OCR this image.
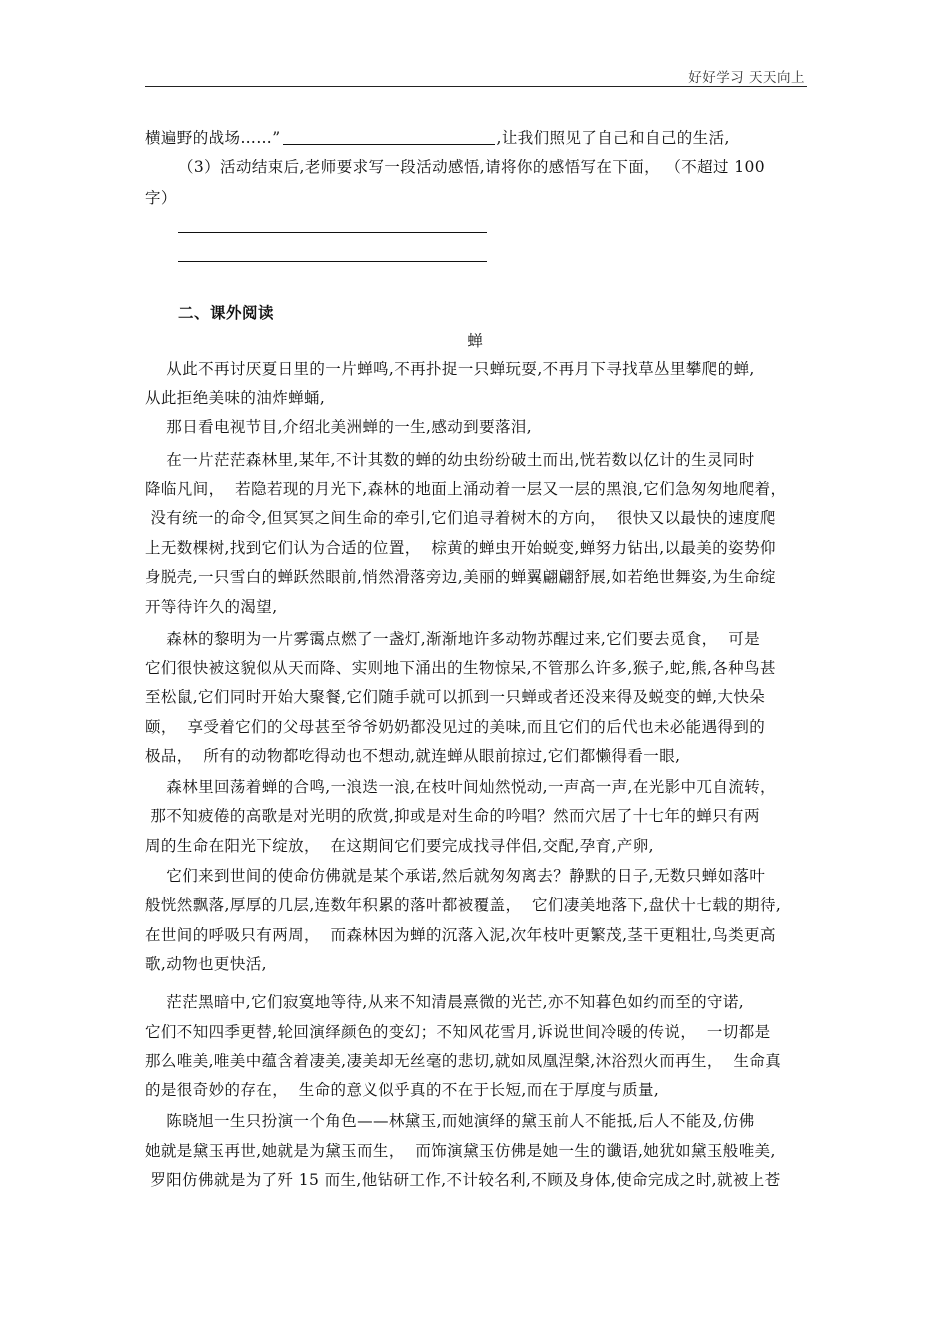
好好学习 天天向上
横遍野的战场……”	,让我们照见了自己和自己的生活,
（3）活动结束后,老师要求写一段活动感悟,请将你的感悟写在下面， （不超过 100
字）
二、课外阅读
蝉
从此不再讨厌夏日里的一片蝉鸣,不再扑捉一只蝉玩耍,不再月下寻找草丛里攀爬的蝉,
从此拒绝美味的油炸蝉蛹,
那日看电视节目,介绍北美洲蝉的一生,感动到要落泪,
在一片茫茫森林里,某年,不计其数的蝉的幼虫纷纷破土而出,恍若数以亿计的生灵同时
降临凡间，  若隐若现的月光下,森林的地面上涌动着一层又一层的黑浪,它们急匆匆地爬着，
没有统一的命令,但冥冥之间生命的牵引,它们追寻着树木的方向，  很快又以最快的速度爬
上无数棵树,找到它们认为合适的位置，  棕黄的蝉虫开始蜕变,蝉努力钻出,以最美的姿势仰
身脱壳,一只雪白的蝉跃然眼前,悄然滑落旁边,美丽的蝉翼翩翩舒展,如若绝世舞姿,为生命绽
开等待许久的渴望,
森林的黎明为一片雾霭点燃了一盏灯,渐渐地许多动物苏醒过来,它们要去觅食，  可是
它们很快被这貌似从天而降、实则地下涌出的生物惊呆,不管那么许多,猴子,蛇,熊,各种鸟甚
至松鼠,它们同时开始大聚餐,它们随手就可以抓到一只蝉或者还没来得及蜕变的蝉,大快朵
颐，  享受着它们的父母甚至爷爷奶奶都没见过的美味,而且它们的后代也未必能遇得到的
极品，  所有的动物都吃得动也不想动,就连蝉从眼前掠过,它们都懒得看一眼,
森林里回荡着蝉的合鸣,一浪迭一浪,在枝叶间灿然悦动,一声高一声,在光影中兀自流转，
那不知疲倦的高歌是对光明的欣赏,抑或是对生命的吟唱？然而穴居了十七年的蝉只有两
周的生命在阳光下绽放，  在这期间它们要完成找寻伴侣,交配,孕育,产卵,
它们来到世间的使命仿佛就是某个承诺,然后就匆匆离去？静默的日子,无数只蝉如落叶
般恍然飘落,厚厚的几层,连数年积累的落叶都被覆盖，  它们凄美地落下,盘伏十七载的期待,
在世间的呼吸只有两周，  而森林因为蝉的沉落入泥,次年枝叶更繁茂,茎干更粗壮,鸟类更高
歌,动物也更快活,
茫茫黑暗中,它们寂寞地等待,从来不知清晨熹微的光芒,亦不知暮色如约而至的守诺,
它们不知四季更替,轮回演绎颜色的变幻；不知风花雪月,诉说世间冷暖的传说，  一切都是
那么唯美,唯美中蕴含着凄美,凄美却无丝毫的悲切,就如凤凰涅槃,沐浴烈火而再生，  生命真
的是很奇妙的存在，  生命的意义似乎真的不在于长短,而在于厚度与质量,
陈晓旭一生只扮演一个角色——林黛玉,而她演绎的黛玉前人不能抵,后人不能及,仿佛
她就是黛玉再世,她就是为黛玉而生，  而饰演黛玉仿佛是她一生的谶语,她犹如黛玉般唯美,
罗阳仿佛就是为了歼 15 而生,他钻研工作,不计较名利,不顾及身体,使命完成之时,就被上苍
